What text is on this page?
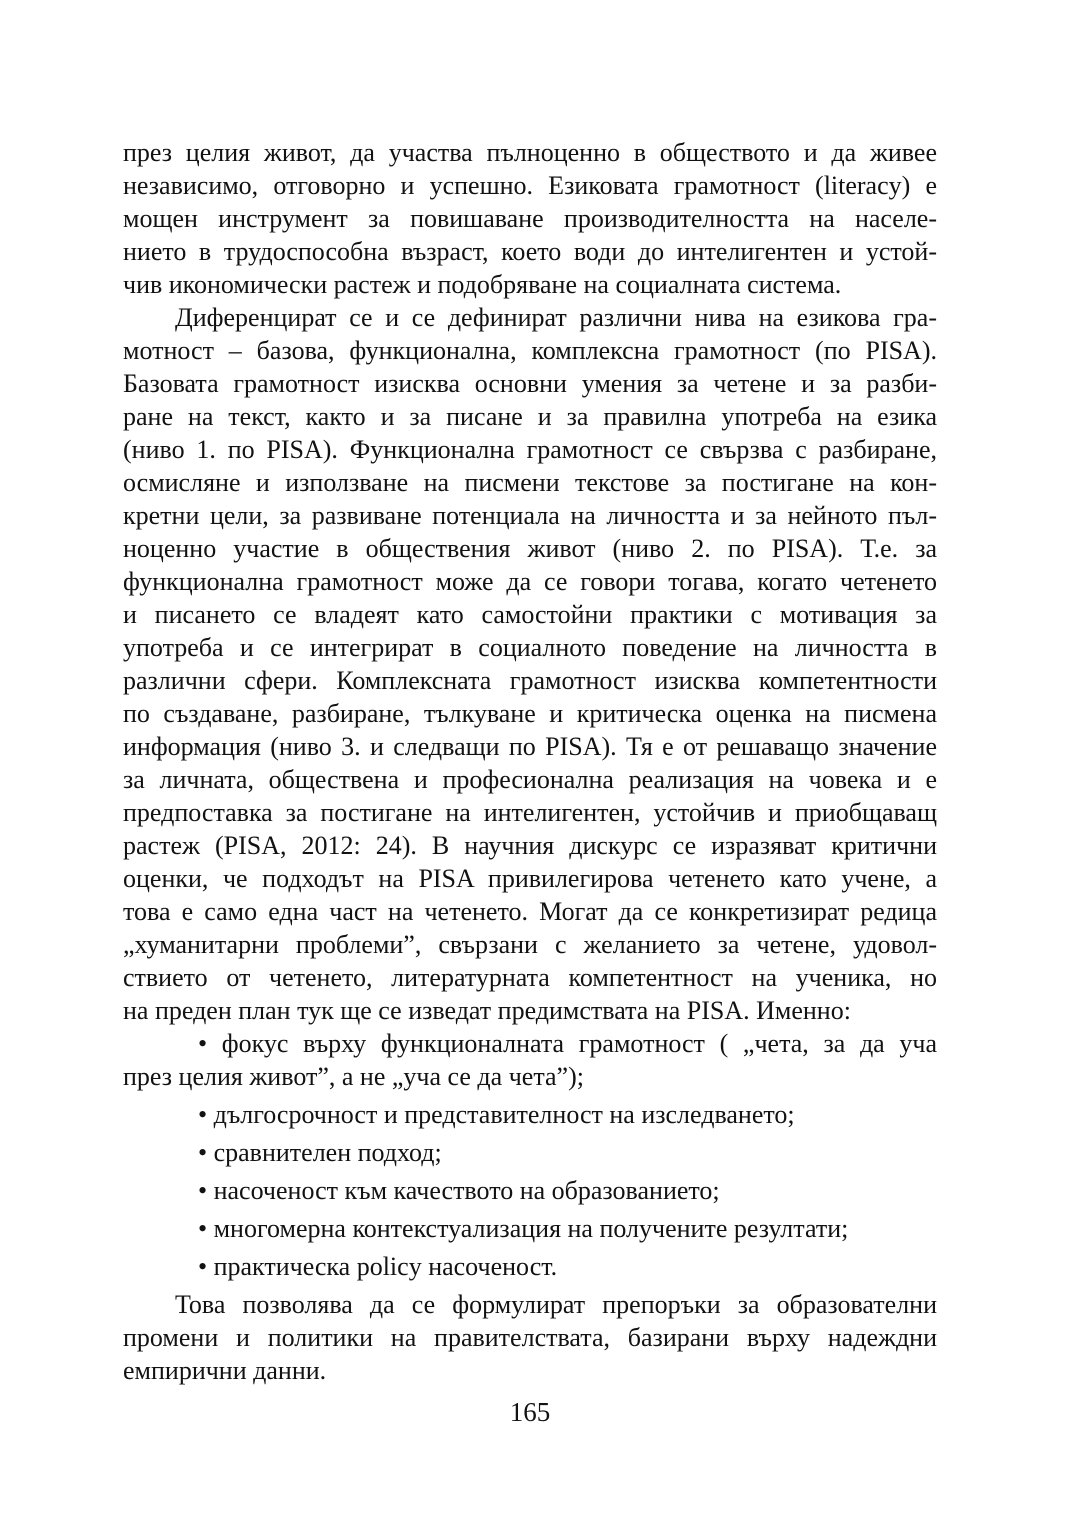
през целия живот, да участва пълноценно в обществото и да живее
независимо, отговорно и успешно. Езиковата грамотност (literacy) е
мощен инструмент за повишаване производителността на населе-
нието в трудоспособна възраст, което води до интелигентен и устой-
чив икономически растеж и подобряване на социалната система.
Диференцират се и се дефинират различни нива на езикова гра-
мотност – базова, функционална, комплексна грамотност (по PISA).
Базовата грамотност изисква основни умения за четене и за разби-
ране на текст, както и за писане и за правилна употреба на езика
(ниво 1. по PISA). Функционална грамотност се свързва с разбиране,
осмисляне и използване на писмени текстове за постигане на кон-
кретни цели, за развиване потенциала на личността и за нейното пъл-
ноценно участие в обществения живот (ниво 2. по PISA). Т.е. за
функционална грамотност може да се говори тогава, когато четенето
и писането се владеят като самостойни практики с мотивация за
употреба и се интегрират в социалното поведение на личността в
различни сфери. Комплексната грамотност изисква компетентности
по създаване, разбиране, тълкуване и критическа оценка на писмена
информация (ниво 3. и следващи по PISA). Тя е от решаващо значение
за личната, обществена и професионална реализация на човека и е
предпоставка за постигане на интелигентен, устойчив и приобщаващ
растеж (PISA, 2012: 24). В научния дискурс се изразяват критични
оценки, че подходът на PISA привилегирова четенето като учене, а
това е само една част на четенето. Могат да се конкретизират редица
„хуманитарни проблеми”, свързани с желанието за четене, удовол-
ствието от четенето, литературната компетентност на ученика, но
на преден план тук ще се изведат предимствата на PISA. Именно:
• фокус върху функционалната грамотност ( „чета, за да уча
през целия живот”, а не „уча се да чета”);
• дългосрочност и представителност на изследването;
• сравнителен подход;
• насоченост към качеството на образованието;
• многомерна контекстуализация на получените резултати;
• практическа policy насоченост.
Това позволява да се формулират препоръки за образователни
промени и политики на правителствата, базирани върху надеждни
емпирични данни.
165
